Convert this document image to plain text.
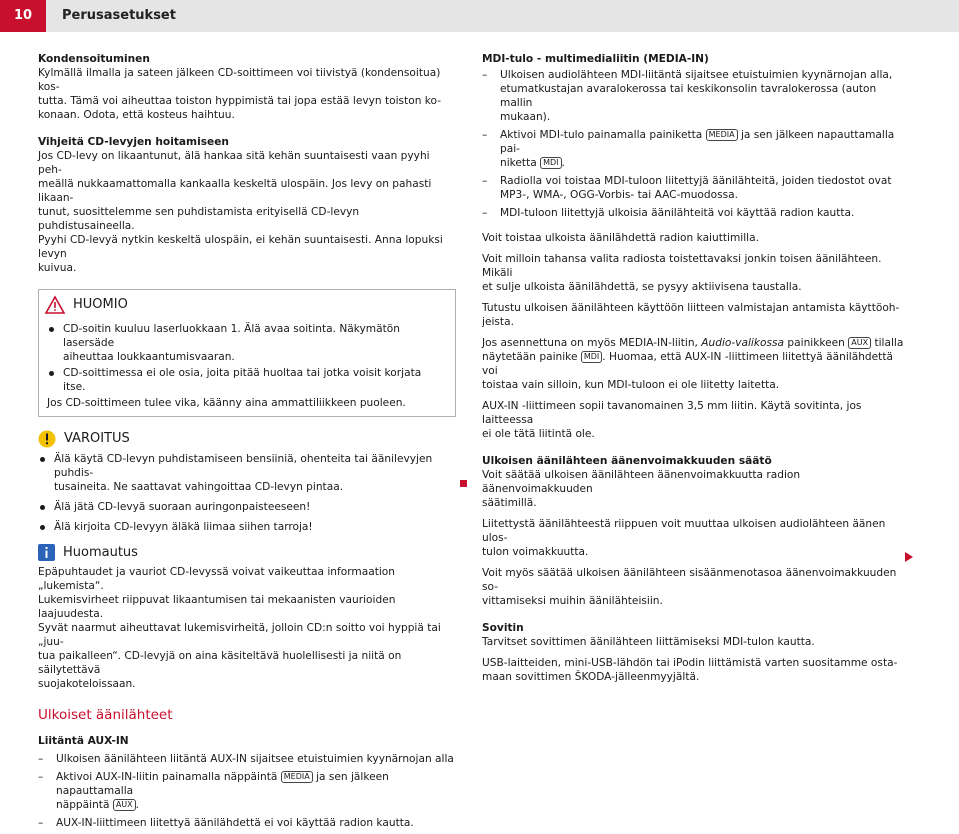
10	Perusasetukset

Kondensoituminen

Kylmällä ilmalla ja sateen jälkeen CD-soittimeen voi tiivistyä (kondensoitua) kos-
tutta. Tämä voi aiheuttaa toiston hyppimistä tai jopa estää levyn toiston ko-
konaan. Odota, että kosteus haihtuu.

Vihjeitä CD-levyjen hoitamiseen

Jos CD-levy on likaantunut, älä hankaa sitä kehän suuntaisesti vaan pyyhi peh-
meällä nukkaamattomalla kankaalla keskeltä ulospäin. Jos levy on pahasti likaan-
tunut, suosittelemme sen puhdistamista erityisellä CD-levyn puhdistusaineella.
Pyyhi CD-levyä nytkin keskeltä ulospäin, ei kehän suuntaisesti. Anna lopuksi levyn
kuivua.

HUOMIO
CD-soitin kuuluu laserluokkaan 1. Älä avaa soitinta. Näkymätön lasersäde
aiheuttaa loukkaantumisvaaran.
CD-soittimessa ei ole osia, joita pitää huoltaa tai jotka voisit korjata itse.

Jos CD-soittimeen tulee vika, käänny aina ammattiliikkeen puoleen.

VAROITUS
Älä käytä CD-levyn puhdistamiseen bensiiniä, ohenteita tai äänilevyjen puhdis-
tusaineita. Ne saattavat vahingoittaa CD-levyn pintaa.
Älä jätä CD-levyä suoraan auringonpaisteeseen!
Älä kirjoita CD-levyyn äläkä liimaa siihen tarroja!
Huomautus

Epäpuhtaudet ja vauriot CD-levyssä voivat vaikeuttaa informaation „lukemista“.
Lukemisvirheet riippuvat likaantumisen tai mekaanisten vaurioiden laajuudesta.
Syvät naarmut aiheuttavat lukemisvirheitä, jolloin CD:n soitto voi hyppiä tai „juu-
tua paikalleen“. CD-levyjä on aina käsiteltävä huolellisesti ja niitä on säilytettävä
suojakoteloissaan.

Ulkoiset äänilähteet

Liitäntä AUX-IN

–	Ulkoisen äänilähteen liitäntä AUX-IN sijaitsee etuistuimien kyynärnojan alla
–	Aktivoi AUX-IN-liitin painamalla näppäintä MEDIA ja sen jälkeen napauttamalla
näppäintä AUX .
–	AUX-IN-liittimeen liitettyä äänilähdettä ei voi käyttää radion kautta.

MDI-tulo - multimedialiitin (MEDIA-IN)

–	Ulkoisen audiolähteen MDI-liitäntä sijaitsee etuistuimien kyynärnojan alla,
etumatkustajan avaralokerossa tai keskikonsolin tavralokerossa (auton mallin
mukaan).
–	Aktivoi MDI-tulo painamalla painiketta MEDIA ja sen jälkeen napauttamalla pai-
niketta MDI .
–	Radiolla voi toistaa MDI-tuloon liitettyjä äänilähteitä, joiden tiedostot ovat
MP3-, WMA-, OGG-Vorbis- tai AAC-muodossa.
–	MDI-tuloon liitettyjä ulkoisia äänilähteitä voi käyttää radion kautta.

Voit toistaa ulkoista äänilähdettä radion kaiuttimilla.

Voit milloin tahansa valita radiosta toistettavaksi jonkin toisen äänilähteen. Mikäli
et sulje ulkoista äänilähdettä, se pysyy aktiivisena taustalla.

Tutustu ulkoisen äänilähteen käyttöön liitteen valmistajan antamista käyttöoh-
jeista.

Jos asennettuna on myös MEDIA-IN-liitin, Audio-valikossa painikkeen AUX tilalla
näytetään painike MDI . Huomaa, että AUX-IN -liittimeen liitettyä äänilähdettä voi
toistaa vain silloin, kun MDI-tuloon ei ole liitetty laitetta.

AUX-IN -liittimeen sopii tavanomainen 3,5 mm liitin. Käytä sovitinta, jos laitteessa
ei ole tätä liitintä ole.

Ulkoisen äänilähteen äänenvoimakkuuden säätö

Voit säätää ulkoisen äänilähteen äänenvoimakkuutta radion äänenvoimakkuuden
säätimillä.

Liitettystä äänilähteestä riippuen voit muuttaa ulkoisen audiolähteen äänen ulos-
tulon voimakkuutta.

Voit myös säätää ulkoisen äänilähteen sisäänmenotasoa äänenvoimakkuuden so-
vittamiseksi muihin äänilähteisiin.

Sovitin

Tarvitset sovittimen äänilähteen liittämiseksi MDI-tulon kautta.

USB-laitteiden, mini-USB-lähdön tai iPodin liittämistä varten suositamme osta-
maan sovittimen ŠKODA-jälleenmyyjältä.
